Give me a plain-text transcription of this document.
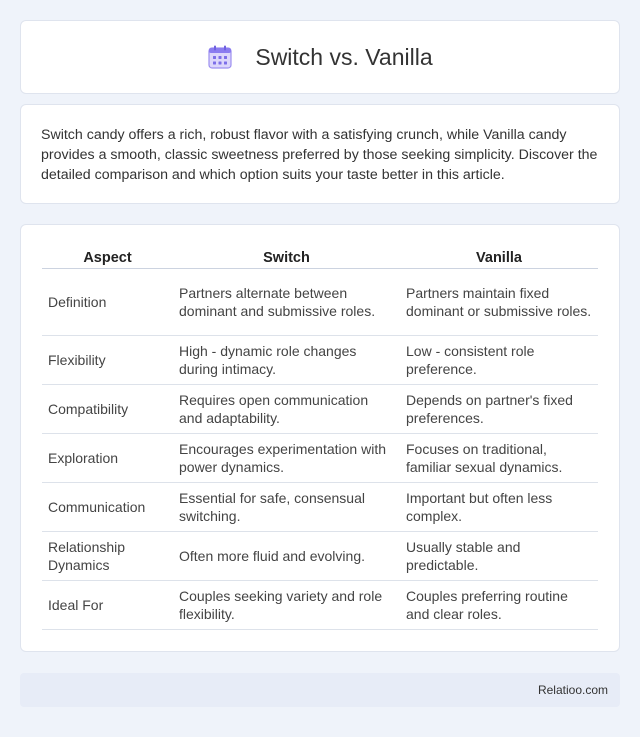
Switch vs. Vanilla

Switch candy offers a rich, robust flavor with a satisfying crunch, while Vanilla candy provides a smooth, classic sweetness preferred by those seeking simplicity. Discover the detailed comparison and which option suits your taste better in this article.

Aspect	Switch	Vanilla
Definition	Partners alternate between dominant and submissive roles.	Partners maintain fixed dominant or submissive roles.
Flexibility	High - dynamic role changes during intimacy.	Low - consistent role preference.
Compatibility	Requires open communication and adaptability.	Depends on partner's fixed preferences.
Exploration	Encourages experimentation with power dynamics.	Focuses on traditional, familiar sexual dynamics.
Communication	Essential for safe, consensual switching.	Important but often less complex.
Relationship Dynamics	Often more fluid and evolving.	Usually stable and predictable.
Ideal For	Couples seeking variety and role flexibility.	Couples preferring routine and clear roles.
Relatioo.com
